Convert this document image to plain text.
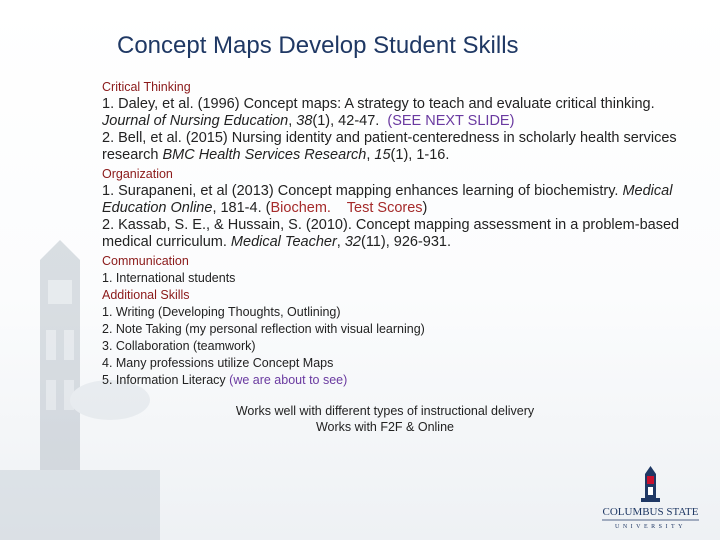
Concept Maps Develop Student Skills
Critical Thinking
1. Daley, et al. (1996) Concept maps: A strategy to teach and evaluate critical thinking. Journal of Nursing Education, 38(1), 42-47. (SEE NEXT SLIDE)
2. Bell, et al. (2015) Nursing identity and patient-centeredness in scholarly health services research BMC Health Services Research, 15(1), 1-16.
Organization
1. Surapaneni, et al (2013) Concept mapping enhances learning of biochemistry. Medical Education Online, 181-4. (Biochem.    Test Scores)
2. Kassab, S. E., & Hussain, S. (2010). Concept mapping assessment in a problem-based medical curriculum. Medical Teacher, 32(11), 926-931.
Communication
1. International students
Additional Skills
1. Writing (Developing Thoughts, Outlining)
2. Note Taking (my personal reflection with visual learning)
3. Collaboration (teamwork)
4. Many professions utilize Concept Maps
5. Information Literacy (we are about to see)
Works well with different types of instructional delivery
Works with F2F & Online
COLUMBUS STATE
UNIVERSITY
